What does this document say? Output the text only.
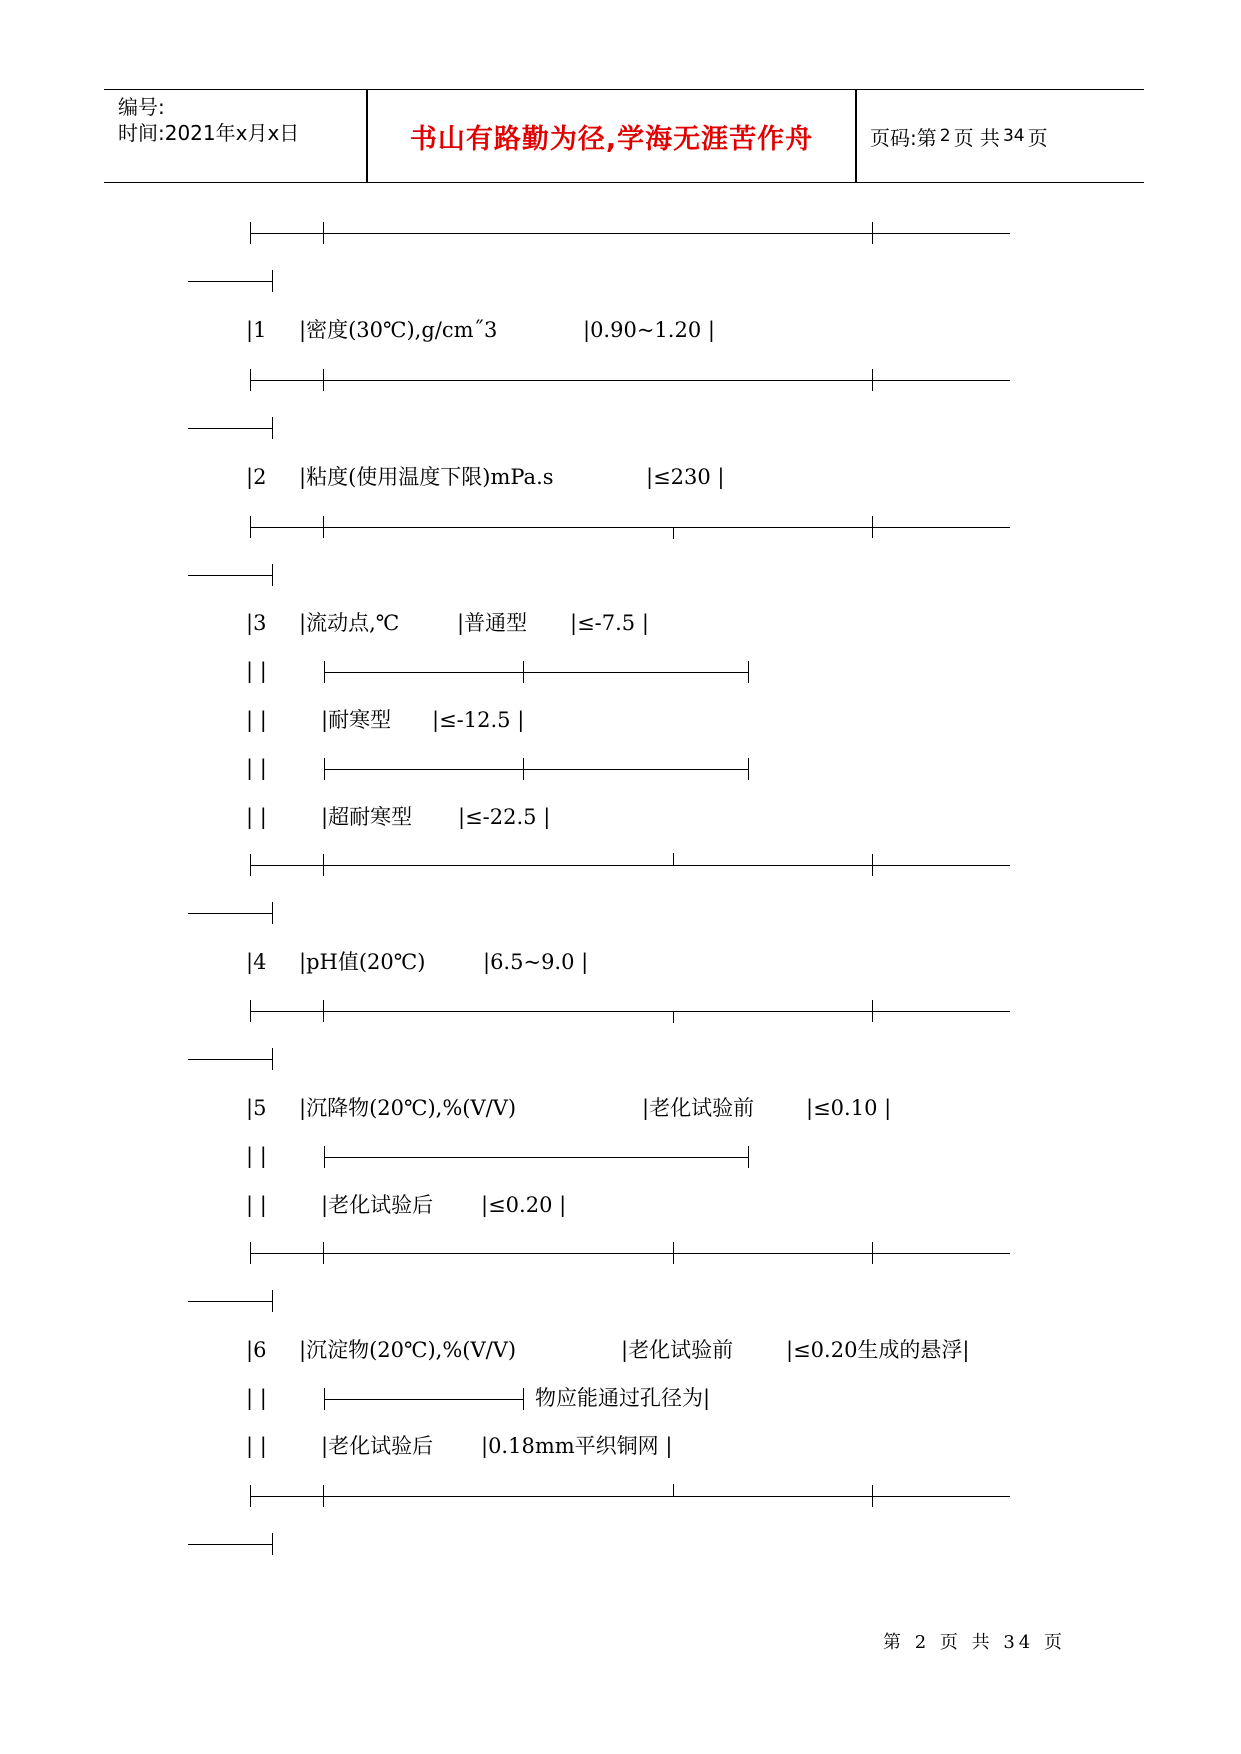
编号:
时间:2021年x月x日	书山有路勤为径,学海无涯苦作舟	页码:第 2 页 共 34 页
|1 |密度(30℃),g/cm˝3	|0.90~1.20 |
|2 |粘度(使用温度下限)mPa.s	|≤230 |
|3 |流动点,℃	|普通型 |≤-7.5 |
| |
| |	|耐寒型 |≤-12.5 |
| |
| |	|超耐寒型 |≤-22.5 |
|4 |pH值(20℃)	|6.5~9.0 |
|5 |沉降物(20℃),%(V/V)	|老化试验前 |≤0.10 |
| |
| |	|老化试验后 |≤0.20 |
|6 |沉淀物(20℃),%(V/V)	|老化试验前	|≤0.20生成的悬浮|
| |	物应能通过孔径为|
| |	|老化试验后 |0.18mm平织铜网 |
第 2 页 共 34 页
